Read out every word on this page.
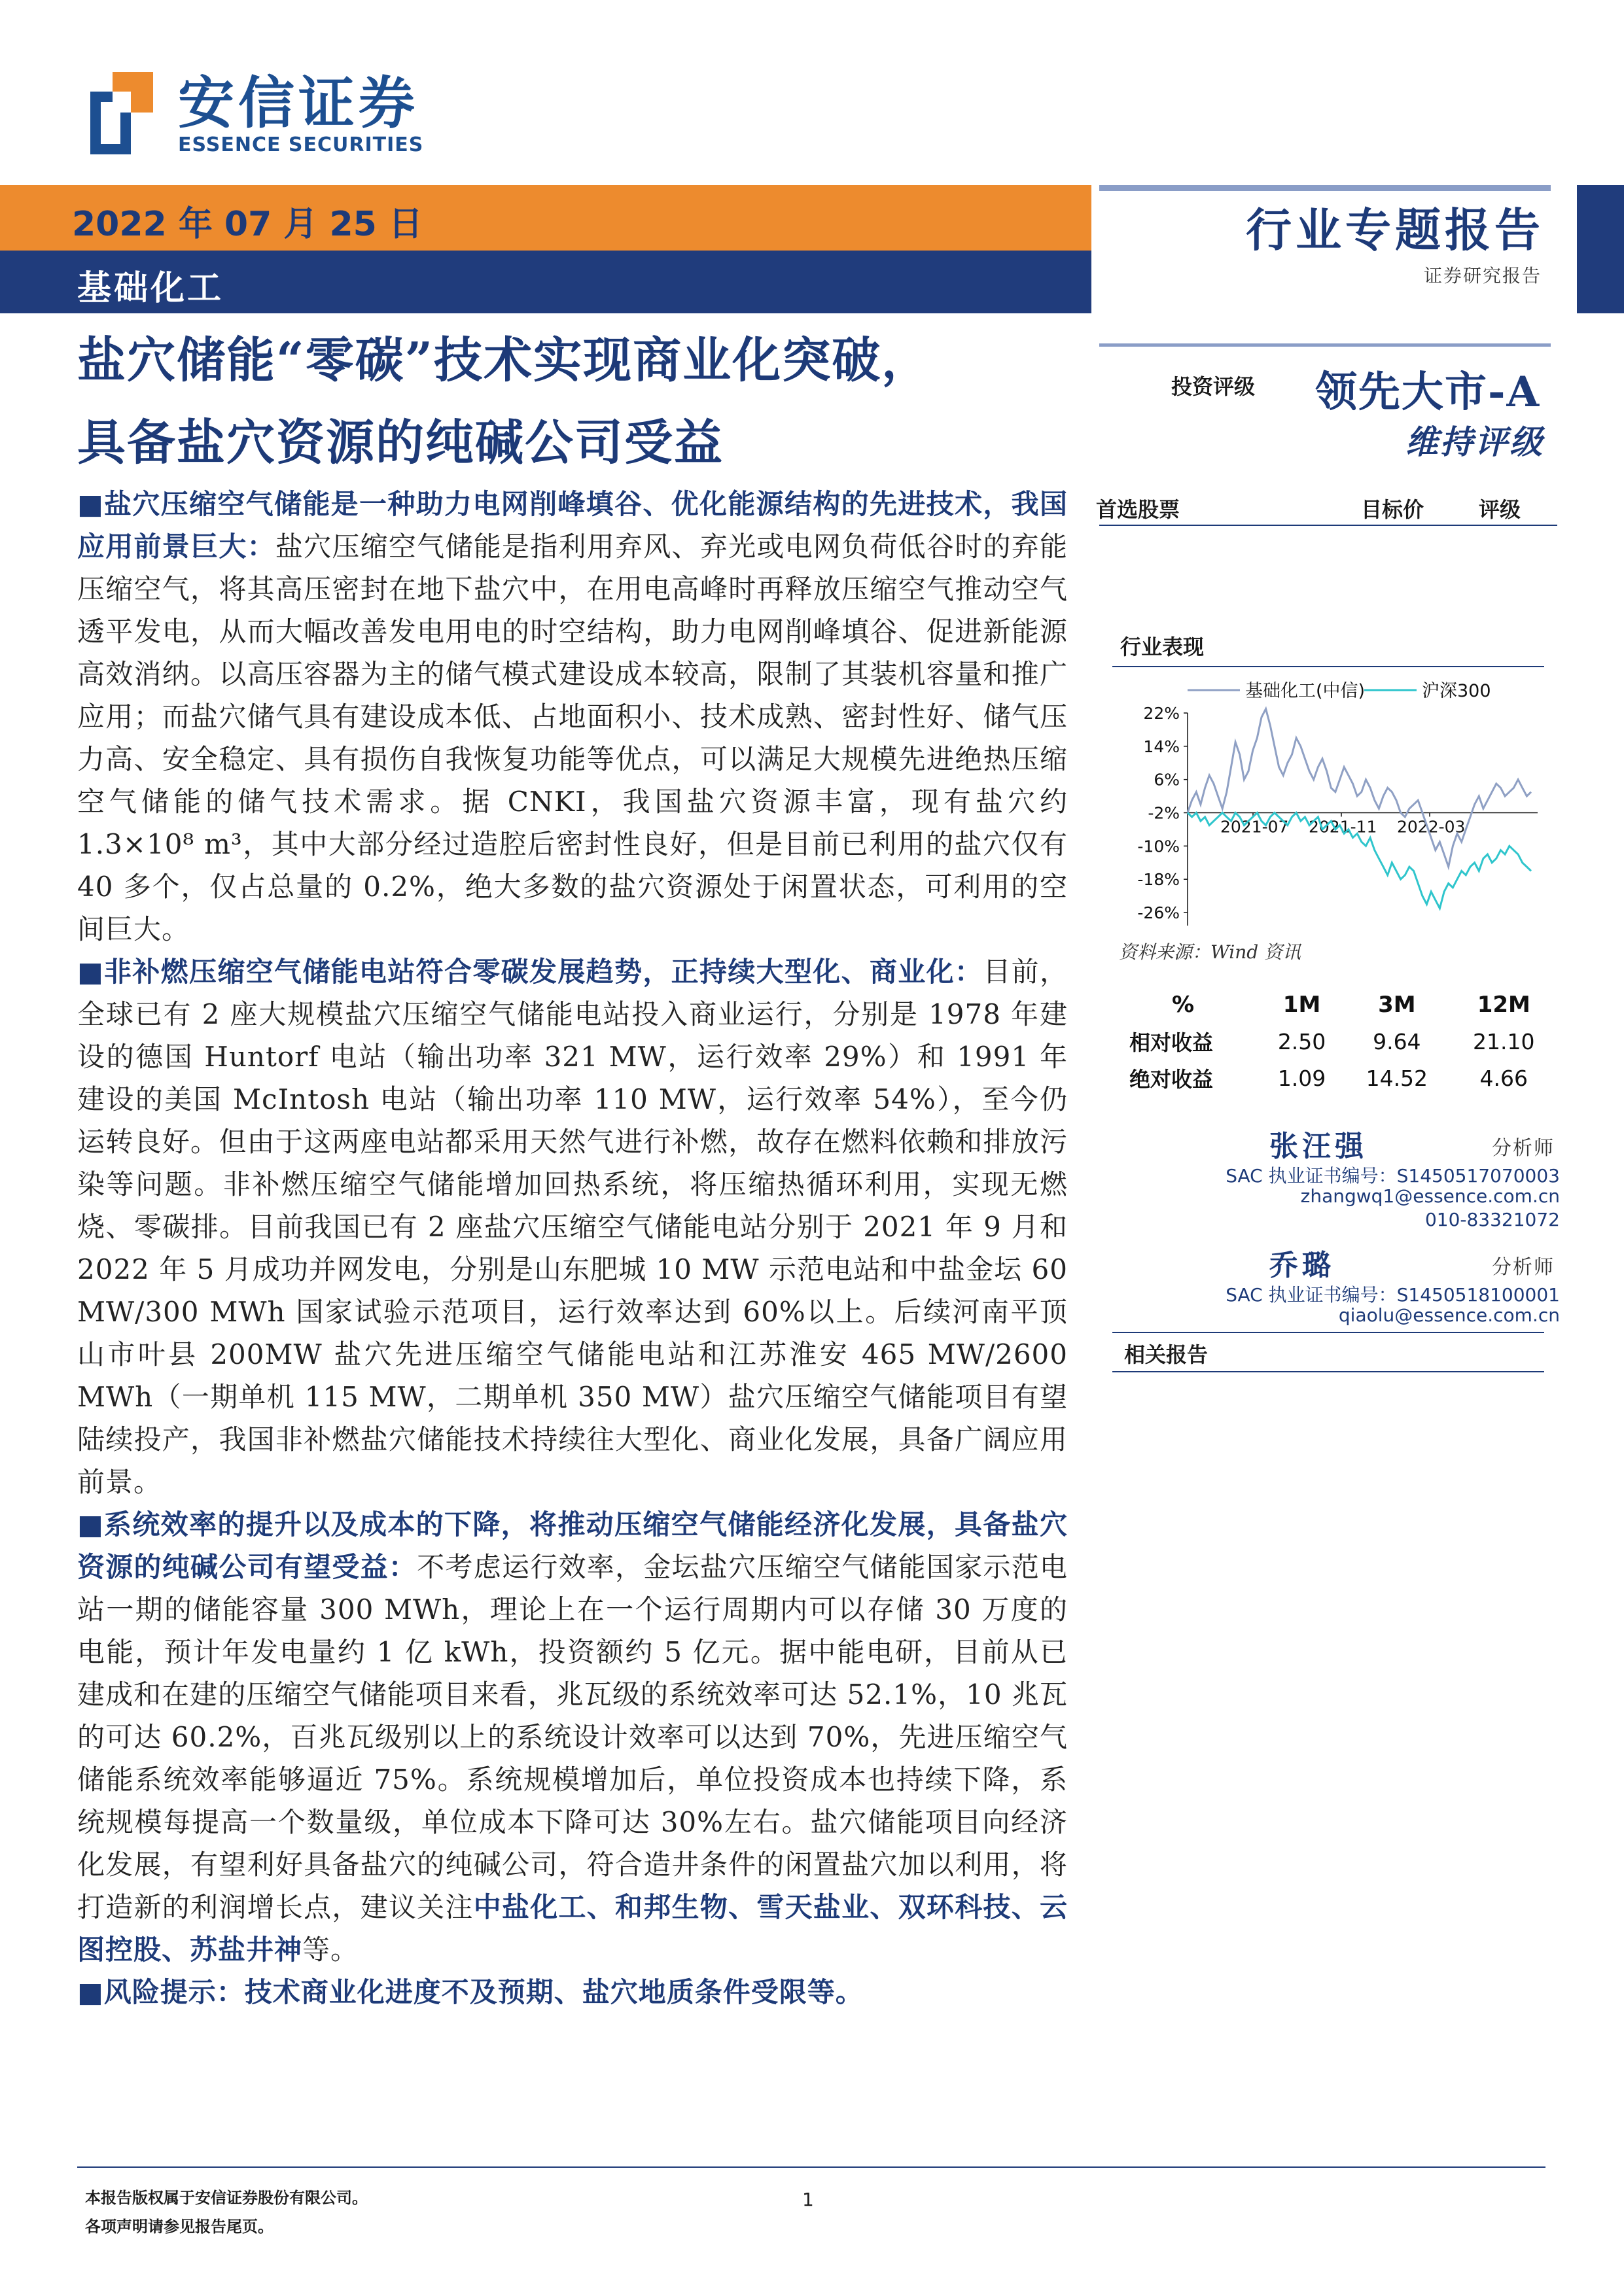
安信证券
ESSENCE SECURITIES
2022 年 07 月 25 日
基础化工
行业专题报告
证券研究报告
盐穴储能“零碳”技术实现商业化突破，
具备盐穴资源的纯碱公司受益
投资评级 领先大市-A
维持评级
首选股票	目标价	评级
行业表现
基础化工(中信)	沪深300
22%
14%
6%
-2%
-10%
-18%
-26%
2021-07 2021-11 2022-03
资料来源：Wind 资讯
%	1M	3M	12M
相对收益	2.50	9.64	21.10
绝对收益	1.09	14.52	4.66
张汪强	分析师
SAC 执业证书编号：S1450517070003
zhangwq1@essence.com.cn
010-83321072
乔璐	分析师
SAC 执业证书编号：S1450518100001
qiaolu@essence.com.cn
相关报告

■盐穴压缩空气储能是一种助力电网削峰填谷、优化能源结构的先进技术，我国应用前景巨大：盐穴压缩空气储能是指利用弃风、弃光或电网负荷低谷时的弃能压缩空气，将其高压密封在地下盐穴中，在用电高峰时再释放压缩空气推动空气透平发电，从而大幅改善发电用电的时空结构，助力电网削峰填谷、促进新能源高效消纳。以高压容器为主的储气模式建设成本较高，限制了其装机容量和推广应用；而盐穴储气具有建设成本低、占地面积小、技术成熟、密封性好、储气压力高、安全稳定、具有损伤自我恢复功能等优点，可以满足大规模先进绝热压缩空气储能的储气技术需求。据 CNKI，我国盐穴资源丰富，现有盐穴约 1.3×10⁸ m³，其中大部分经过造腔后密封性良好，但是目前已利用的盐穴仅有 40 多个，仅占总量的 0.2%，绝大多数的盐穴资源处于闲置状态，可利用的空间巨大。

■非补燃压缩空气储能电站符合零碳发展趋势，正持续大型化、商业化：目前，全球已有 2 座大规模盐穴压缩空气储能电站投入商业运行，分别是 1978 年建设的德国 Huntorf 电站（输出功率 321 MW，运行效率 29%）和 1991 年建设的美国 McIntosh 电站（输出功率 110 MW，运行效率 54%），至今仍运转良好。但由于这两座电站都采用天然气进行补燃，故存在燃料依赖和排放污染等问题。非补燃压缩空气储能增加回热系统，将压缩热循环利用，实现无燃烧、零碳排。目前我国已有 2 座盐穴压缩空气储能电站分别于 2021 年 9 月和 2022 年 5 月成功并网发电，分别是山东肥城 10 MW 示范电站和中盐金坛 60 MW/300 MWh 国家试验示范项目，运行效率达到 60%以上。后续河南平顶山市叶县 200MW 盐穴先进压缩空气储能电站和江苏淮安 465 MW/2600 MWh（一期单机 115 MW，二期单机 350 MW）盐穴压缩空气储能项目有望陆续投产，我国非补燃盐穴储能技术持续往大型化、商业化发展，具备广阔应用前景。

■系统效率的提升以及成本的下降，将推动压缩空气储能经济化发展，具备盐穴资源的纯碱公司有望受益：不考虑运行效率，金坛盐穴压缩空气储能国家示范电站一期的储能容量 300 MWh，理论上在一个运行周期内可以存储 30 万度的电能，预计年发电量约 1 亿 kWh，投资额约 5 亿元。据中能电研，目前从已建成和在建的压缩空气储能项目来看，兆瓦级的系统效率可达 52.1%，10 兆瓦的可达 60.2%，百兆瓦级别以上的系统设计效率可以达到 70%，先进压缩空气储能系统效率能够逼近 75%。系统规模增加后，单位投资成本也持续下降，系统规模每提高一个数量级，单位成本下降可达 30%左右。盐穴储能项目向经济化发展，有望利好具备盐穴的纯碱公司，符合造井条件的闲置盐穴加以利用，将打造新的利润增长点，建议关注中盐化工、和邦生物、雪天盐业、双环科技、云图控股、苏盐井神等。

■风险提示：技术商业化进度不及预期、盐穴地质条件受限等。

本报告版权属于安信证券股份有限公司。
各项声明请参见报告尾页。
1
